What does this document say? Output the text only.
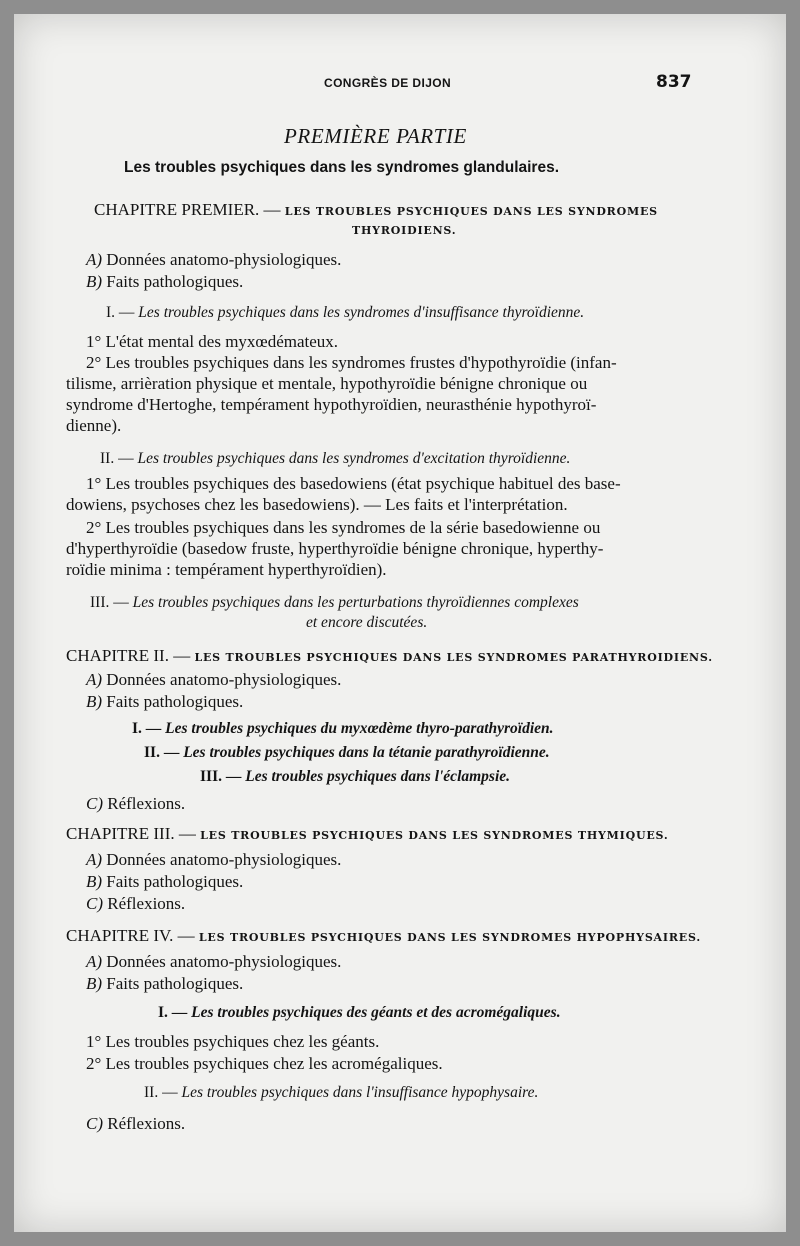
CONGRÈS DE DIJON	837
PREMIÈRE PARTIE
Les troubles psychiques dans les syndromes glandulaires.
CHAPITRE PREMIER. — LES TROUBLES PSYCHIQUES DANS LES SYNDROMES
THYROIDIENS.
A) Données anatomo-physiologiques.
B) Faits pathologiques.
I. — Les troubles psychiques dans les syndromes d'insuffisance thyroïdienne.
1° L'état mental des myxœdémateux.
2° Les troubles psychiques dans les syndromes frustes d'hypothyroïdie (infan-
tilisme, arrièration physique et mentale, hypothyroïdie bénigne chronique ou
syndrome d'Hertoghe, tempérament hypothyroïdien, neurasthénie hypothyroï-
dienne).
II. — Les troubles psychiques dans les syndromes d'excitation thyroïdienne.
1° Les troubles psychiques des basedowiens (état psychique habituel des base-
dowiens, psychoses chez les basedowiens). — Les faits et l'interprétation.
2° Les troubles psychiques dans les syndromes de la série basedowienne ou
d'hyperthyroïdie (basedow fruste, hyperthyroïdie bénigne chronique, hyperthy-
roïdie minima : tempérament hyperthyroïdien).
III. — Les troubles psychiques dans les perturbations thyroïdiennes complexes
et encore discutées.
CHAPITRE II. — LES TROUBLES PSYCHIQUES DANS LES SYNDROMES PARATHYROIDIENS.
A) Données anatomo-physiologiques.
B) Faits pathologiques.
I. — Les troubles psychiques du myxœdème thyro-parathyroïdien.
II. — Les troubles psychiques dans la tétanie parathyroïdienne.
III. — Les troubles psychiques dans l'éclampsie.
C) Réflexions.
CHAPITRE III. — LES TROUBLES PSYCHIQUES DANS LES SYNDROMES THYMIQUES.
A) Données anatomo-physiologiques.
B) Faits pathologiques.
C) Réflexions.
CHAPITRE IV. — LES TROUBLES PSYCHIQUES DANS LES SYNDROMES HYPOPHYSAIRES.
A) Données anatomo-physiologiques.
B) Faits pathologiques.
I. — Les troubles psychiques des géants et des acromégaliques.
1° Les troubles psychiques chez les géants.
2° Les troubles psychiques chez les acromégaliques.
II. — Les troubles psychiques dans l'insuffisance hypophysaire.
C) Réflexions.
